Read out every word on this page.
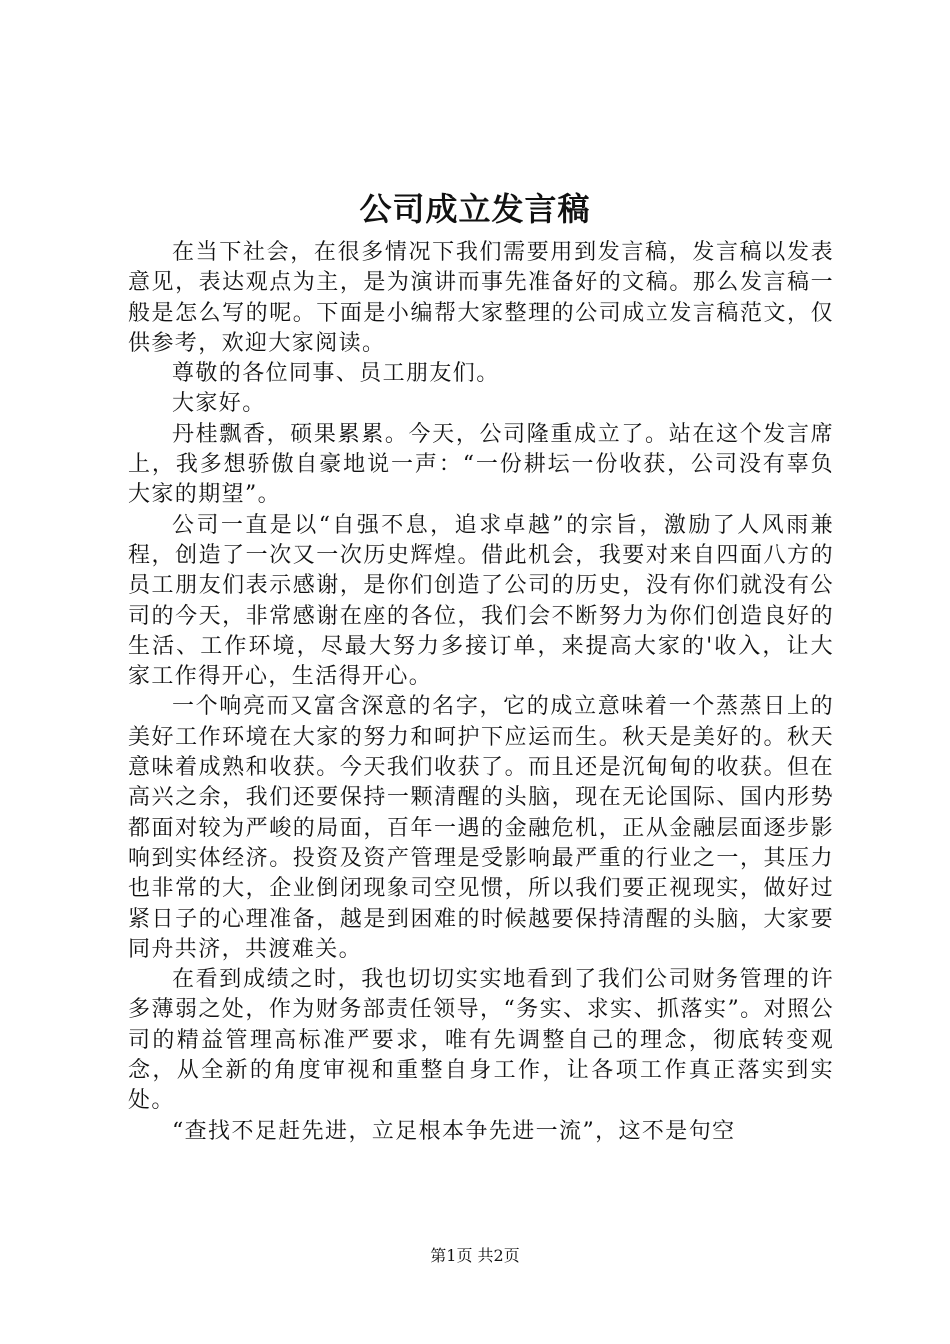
公司成立发言稿

在当下社会，在很多情况下我们需要用到发言稿，发言稿以发表意见，表达观点为主，是为演讲而事先准备好的文稿。那么发言稿一般是怎么写的呢。下面是小编帮大家整理的公司成立发言稿范文，仅供参考，欢迎大家阅读。

尊敬的各位同事、员工朋友们。

大家好。

丹桂飘香，硕果累累。今天，公司隆重成立了。站在这个发言席上，我多想骄傲自豪地说一声：“一份耕坛一份收获，公司没有辜负大家的期望”。

公司一直是以“自强不息，追求卓越”的宗旨，激励了人风雨兼程，创造了一次又一次历史辉煌。借此机会，我要对来自四面八方的员工朋友们表示感谢，是你们创造了公司的历史，没有你们就没有公司的今天，非常感谢在座的各位，我们会不断努力为你们创造良好的生活、工作环境，尽最大努力多接订单，来提高大家的'收入，让大家工作得开心，生活得开心。

一个响亮而又富含深意的名字，它的成立意味着一个蒸蒸日上的美好工作环境在大家的努力和呵护下应运而生。秋天是美好的。秋天意味着成熟和收获。今天我们收获了。而且还是沉甸甸的收获。但在高兴之余，我们还要保持一颗清醒的头脑，现在无论国际、国内形势都面对较为严峻的局面，百年一遇的金融危机，正从金融层面逐步影响到实体经济。投资及资产管理是受影响最严重的行业之一，其压力也非常的大，企业倒闭现象司空见惯，所以我们要正视现实，做好过紧日子的心理准备，越是到困难的时候越要保持清醒的头脑，大家要同舟共济，共渡难关。

在看到成绩之时，我也切切实实地看到了我们公司财务管理的许多薄弱之处，作为财务部责任领导，“务实、求实、抓落实”。对照公司的精益管理高标准严要求，唯有先调整自己的理念，彻底转变观念，从全新的角度审视和重整自身工作，让各项工作真正落实到实处。

“查找不足赶先进，立足根本争先进一流”，这不是句空

第1页 共2页
